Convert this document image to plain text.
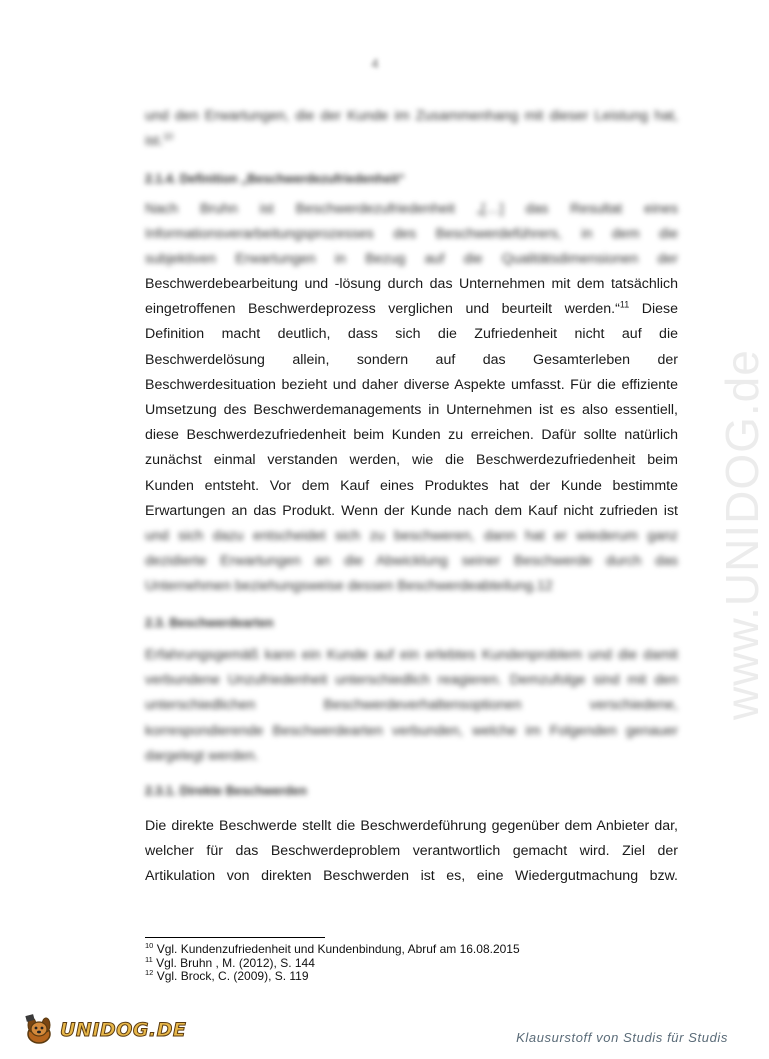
www.UNIDOG.de
4
und den Erwartungen, die der Kunde im Zusammenhang mit dieser Leistung hat, ist.$^{10}$
2.1.4. Definition „Beschwerdezufriedenheit“
Nach Bruhn ist Beschwerdezufriedenheit „[…] das Resultat eines
Informationsverarbeitungsprozesses des Beschwerdeführers, in dem die
subjektiven Erwartungen in Bezug auf die Qualitätsdimensionen der
Beschwerdebearbeitung und -lösung durch das Unternehmen mit dem tatsächlich
eingetroffenen Beschwerdeprozess verglichen und beurteilt werden.“$^{11}$ Diese
Definition macht deutlich, dass sich die Zufriedenheit nicht auf die
Beschwerdelösung allein, sondern auf das Gesamterleben der
Beschwerdesituation bezieht und daher diverse Aspekte umfasst. Für die effiziente
Umsetzung des Beschwerdemanagements in Unternehmen ist es also essentiell,
diese Beschwerdezufriedenheit beim Kunden zu erreichen. Dafür sollte natürlich
zunächst einmal verstanden werden, wie die Beschwerdezufriedenheit beim
Kunden entsteht. Vor dem Kauf eines Produktes hat der Kunde bestimmte
Erwartungen an das Produkt. Wenn der Kunde nach dem Kauf nicht zufrieden ist
und sich dazu entscheidet sich zu beschweren, dann hat er wiederum ganz
dezidierte Erwartungen an die Abwicklung seiner Beschwerde durch das
Unternehmen beziehungsweise dessen Beschwerdeabteilung.12
2.3. Beschwerdearten
Erfahrungsgemäß kann ein Kunde auf ein erlebtes Kundenproblem und die damit
verbundene Unzufriedenheit unterschiedlich reagieren. Demzufolge sind mit den
unterschiedlichen Beschwerdeverhaltensoptionen verschiedene,
korrespondierende Beschwerdearten verbunden, welche im Folgenden genauer
dargelegt werden.
2.3.1. Direkte Beschwerden
Die direkte Beschwerde stellt die Beschwerdeführung gegenüber dem Anbieter dar,
welcher für das Beschwerdeproblem verantwortlich gemacht wird. Ziel der
Artikulation von direkten Beschwerden ist es, eine Wiedergutmachung bzw.
$^{10}$ Vgl. Kundenzufriedenheit und Kundenbindung, Abruf am 16.08.2015
$^{11}$ Vgl. Bruhn , M. (2012), S. 144
$^{12}$ Vgl. Brock, C. (2009), S. 119
UNIDOG.DE	Klausurstoff von Studis für Studis
